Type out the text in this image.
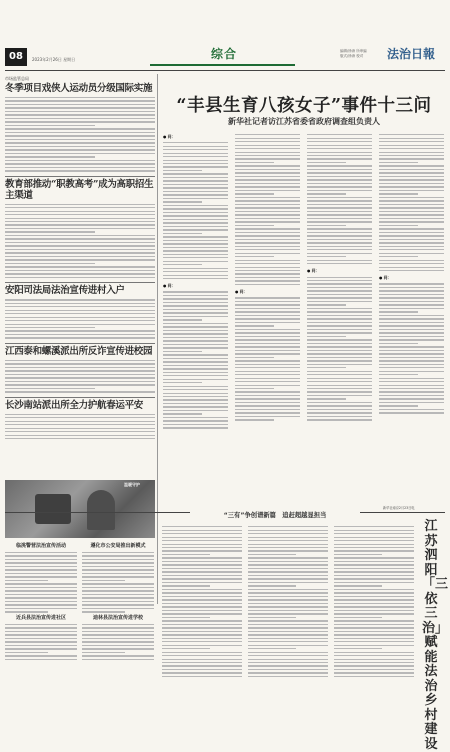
08	2023年2月26日 星期日	综合	编辑/徐涛 所审编
版式/徐涛 校对 法治日報
市场监管总局
冬季项目戏侠人运动员分级国际实施
教育部推动“职教高考”成为高职招生主渠道
安阳司法局法治宣传进村入户
江西泰和螺溪派出所反诈宣传进校园
长沙南站派出所全力护航春运平安
“丰县生育八孩女子”事件十三问
新华社记者访江苏省委省政府调查组负责人
● 问：
● 问：
● 问：
● 问：
● 问：
新华社南京2月23日电
温暖守护
“三有”争创谱新篇　追赶超越显担当
临洮警营法治宣传活动	遵化市公安局推出新模式
近兵县法治宣传进社区	迪林县法治宣传进学校
江苏泗阳「三依三治」赋能法治乡村建设
